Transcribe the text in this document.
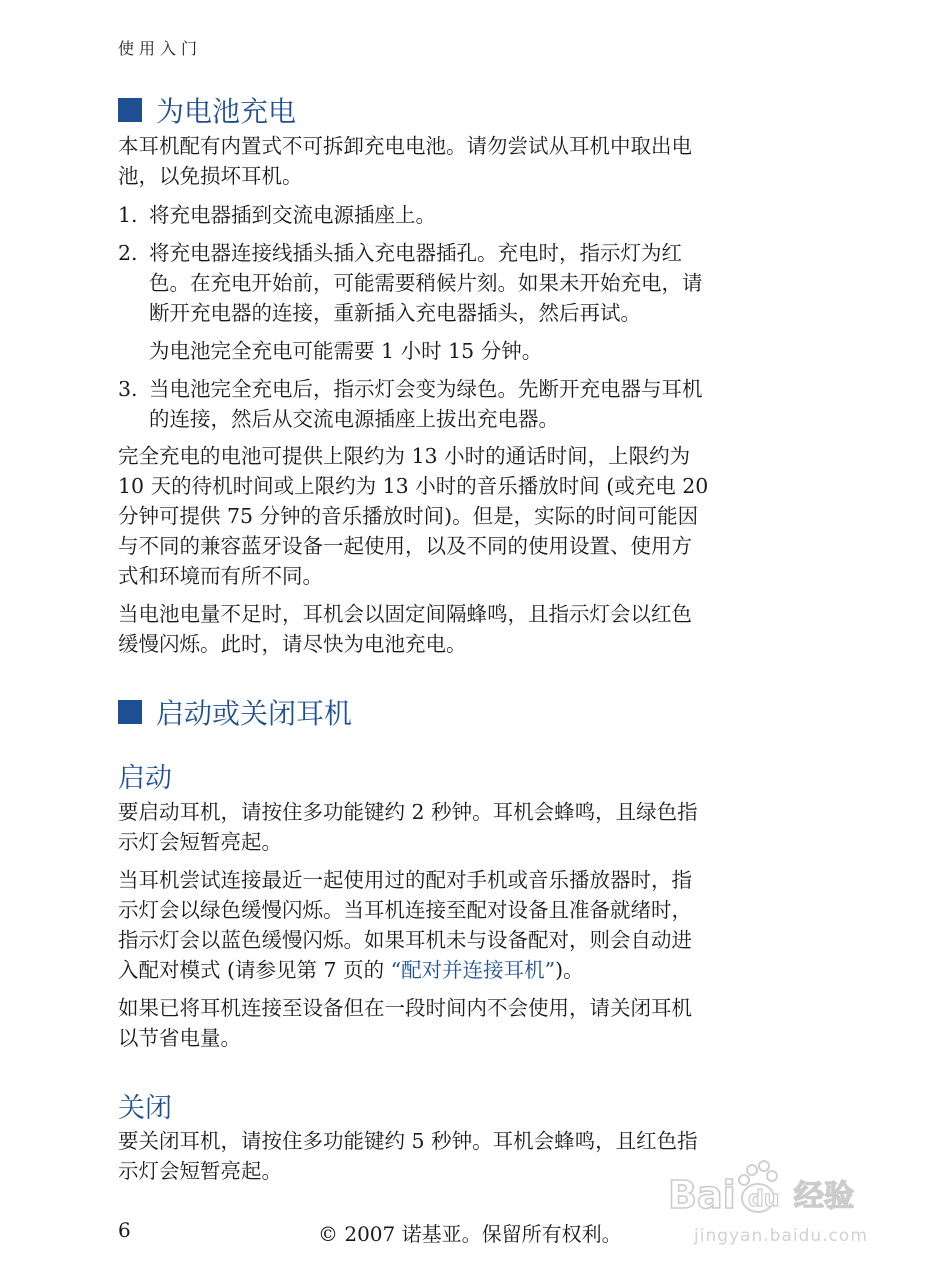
使用入门
为电池充电

本耳机配有内置式不可拆卸充电电池。请勿尝试从耳机中取出电
池，以免损坏耳机。

1. 将充电器插到交流电源插座上。
2. 将充电器连接线插头插入充电器插孔。充电时，指示灯为红
色。在充电开始前，可能需要稍候片刻。如果未开始充电，请
断开充电器的连接，重新插入充电器插头，然后再试。
为电池完全充电可能需要 1 小时 15 分钟。
3. 当电池完全充电后，指示灯会变为绿色。先断开充电器与耳机
的连接，然后从交流电源插座上拔出充电器。

完全充电的电池可提供上限约为 13 小时的通话时间，上限约为
10 天的待机时间或上限约为 13 小时的音乐播放时间 (或充电 20
分钟可提供 75 分钟的音乐播放时间)。但是，实际的时间可能因
与不同的兼容蓝牙设备一起使用，以及不同的使用设置、使用方
式和环境而有所不同。

当电池电量不足时，耳机会以固定间隔蜂鸣，且指示灯会以红色
缓慢闪烁。此时，请尽快为电池充电。

启动或关闭耳机
启动

要启动耳机，请按住多功能键约 2 秒钟。耳机会蜂鸣，且绿色指
示灯会短暂亮起。

当耳机尝试连接最近一起使用过的配对手机或音乐播放器时，指
示灯会以绿色缓慢闪烁。当耳机连接至配对设备且准备就绪时，
指示灯会以蓝色缓慢闪烁。如果耳机未与设备配对，则会自动进
入配对模式 (请参见第 7 页的 “配对并连接耳机”)。

如果已将耳机连接至设备但在一段时间内不会使用，请关闭耳机
以节省电量。

关闭

要关闭耳机，请按住多功能键约 5 秒钟。耳机会蜂鸣，且红色指
示灯会短暂亮起。

Bai du 经验
jingyan.baidu.com
6	© 2007 诺基亚。保留所有权利。
